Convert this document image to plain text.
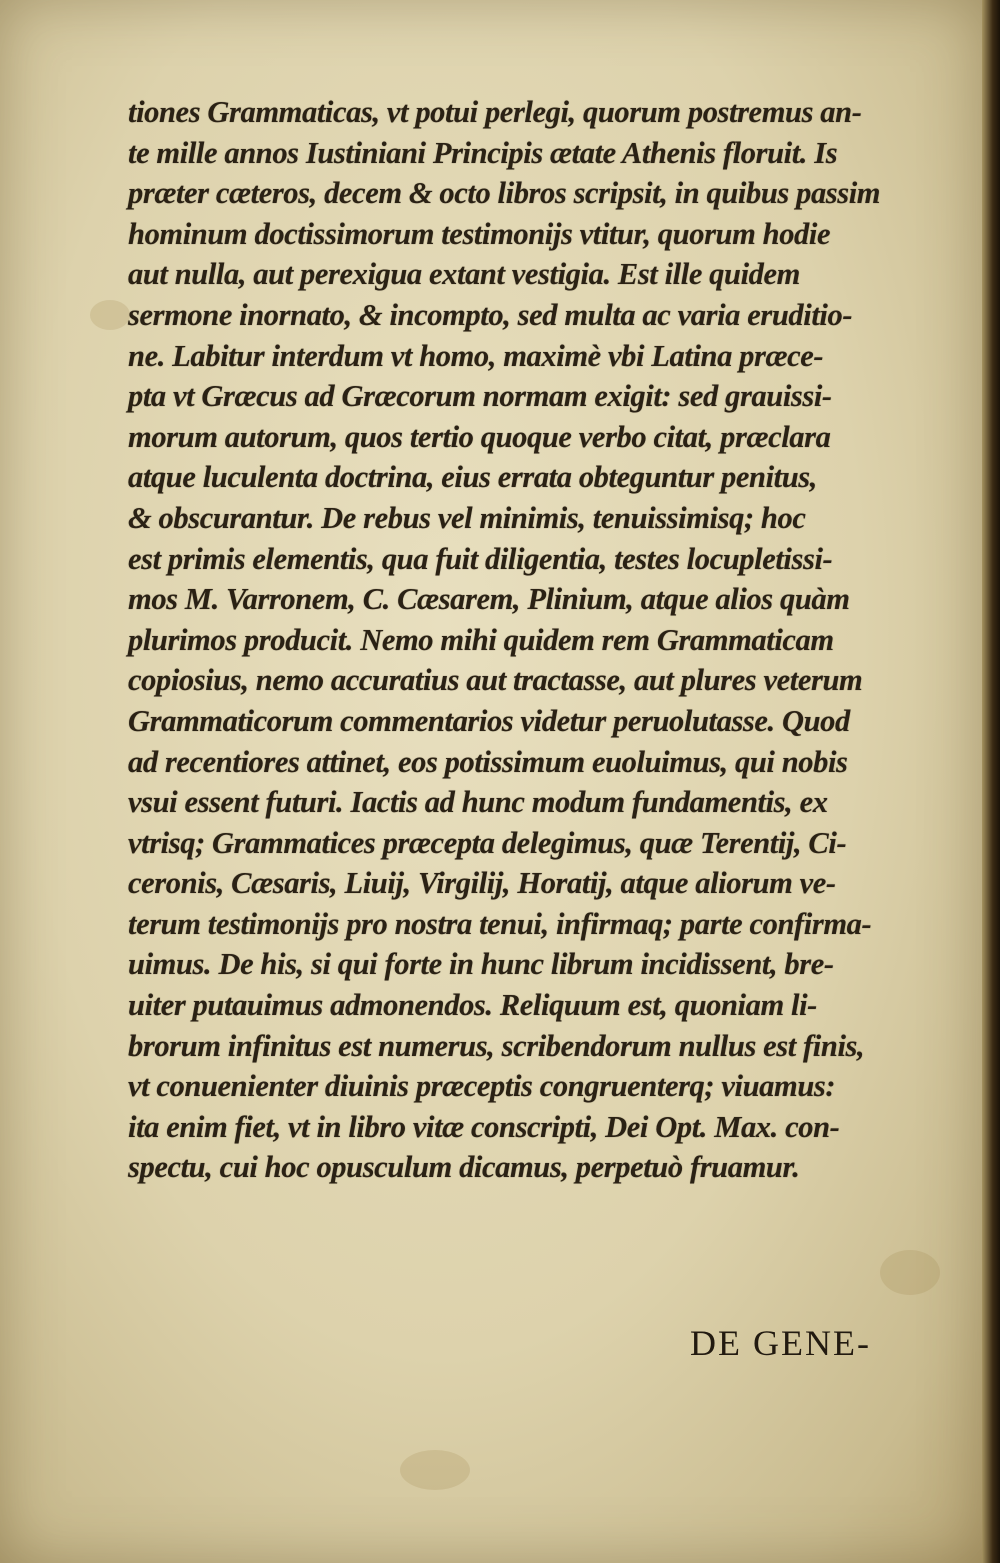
tiones Grammaticas, vt potui perlegi, quorum postremus an-
te mille annos Iustiniani Principis ætate Athenis floruit. Is
præter cæteros, decem & octo libros scripsit, in quibus passim
hominum doctissimorum testimonijs vtitur, quorum hodie
aut nulla, aut perexigua extant vestigia. Est ille quidem
sermone inornato, & incompto, sed multa ac varia eruditio-
ne. Labitur interdum vt homo, maximè vbi Latina præce-
pta vt Græcus ad Græcorum normam exigit: sed grauissi-
morum autorum, quos tertio quoque verbo citat, præclara
atque luculenta doctrina, eius errata obteguntur penitus,
& obscurantur. De rebus vel minimis, tenuissimisq; hoc
est primis elementis, qua fuit diligentia, testes locupletissi-
mos M. Varronem, C. Cæsarem, Plinium, atque alios quàm
plurimos producit. Nemo mihi quidem rem Grammaticam
copiosius, nemo accuratius aut tractasse, aut plures veterum
Grammaticorum commentarios videtur peruolutasse. Quod
ad recentiores attinet, eos potissimum euoluimus, qui nobis
vsui essent futuri. Iactis ad hunc modum fundamentis, ex
vtrisq; Grammatices præcepta delegimus, quæ Terentij, Ci-
ceronis, Cæsaris, Liuij, Virgilij, Horatij, atque aliorum ve-
terum testimonijs pro nostra tenui, infirmaq; parte confirma-
uimus. De his, si qui forte in hunc librum incidissent, bre-
uiter putauimus admonendos. Reliquum est, quoniam li-
brorum infinitus est numerus, scribendorum nullus est finis,
vt conuenienter diuinis præceptis congruenterq; viuamus:
ita enim fiet, vt in libro vitæ conscripti, Dei Opt. Max. con-
spectu, cui hoc opusculum dicamus, perpetuò fruamur.
DE GENE-
